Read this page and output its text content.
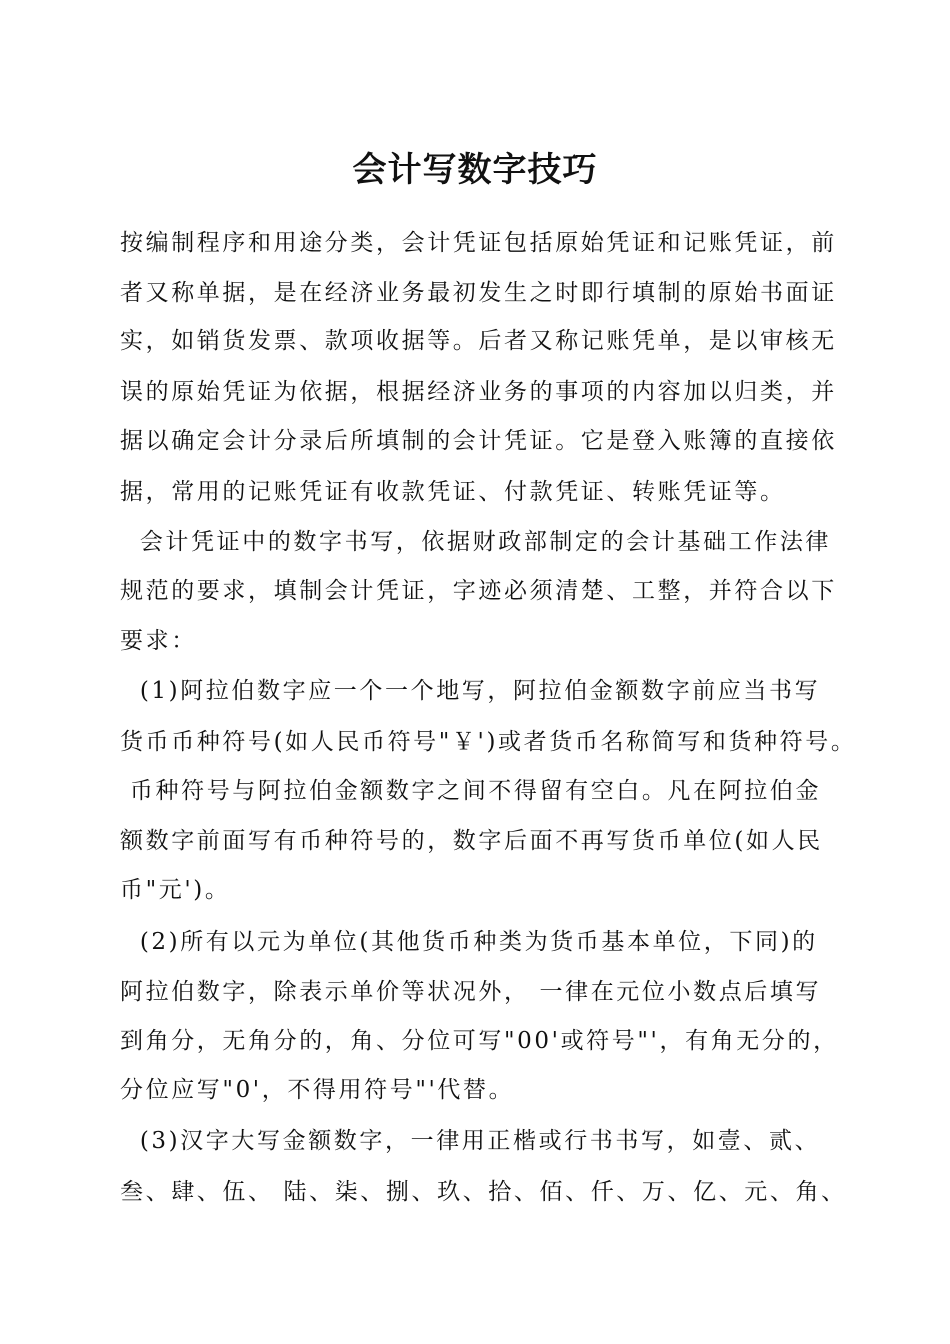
会计写数字技巧

按编制程序和用途分类，会计凭证包括原始凭证和记账凭证，前

者又称单据，是在经济业务最初发生之时即行填制的原始书面证

实，如销货发票、款项收据等。后者又称记账凭单，是以审核无

误的原始凭证为依据，根据经济业务的事项的内容加以归类，并

据以确定会计分录后所填制的会计凭证。它是登入账簿的直接依

据，常用的记账凭证有收款凭证、付款凭证、转账凭证等。

会计凭证中的数字书写，依据财政部制定的会计基础工作法律

规范的要求，填制会计凭证，字迹必须清楚、工整，并符合以下

要求：

(1)阿拉伯数字应一个一个地写，阿拉伯金额数字前应当书写

货币币种符号(如人民币符号"￥')或者货币名称简写和货种符号。

币种符号与阿拉伯金额数字之间不得留有空白。凡在阿拉伯金

额数字前面写有币种符号的，数字后面不再写货币单位(如人民

币"元')。

(2)所有以元为单位(其他货币种类为货币基本单位，下同)的

阿拉伯数字，除表示单价等状况外， 一律在元位小数点后填写

到角分，无角分的，角、分位可写"00'或符号"'，有角无分的，

分位应写"0'，不得用符号"'代替。

(3)汉字大写金额数字，一律用正楷或行书书写，如壹、贰、

叁、肆、伍、 陆、柒、捌、玖、拾、佰、仟、万、亿、元、角、
